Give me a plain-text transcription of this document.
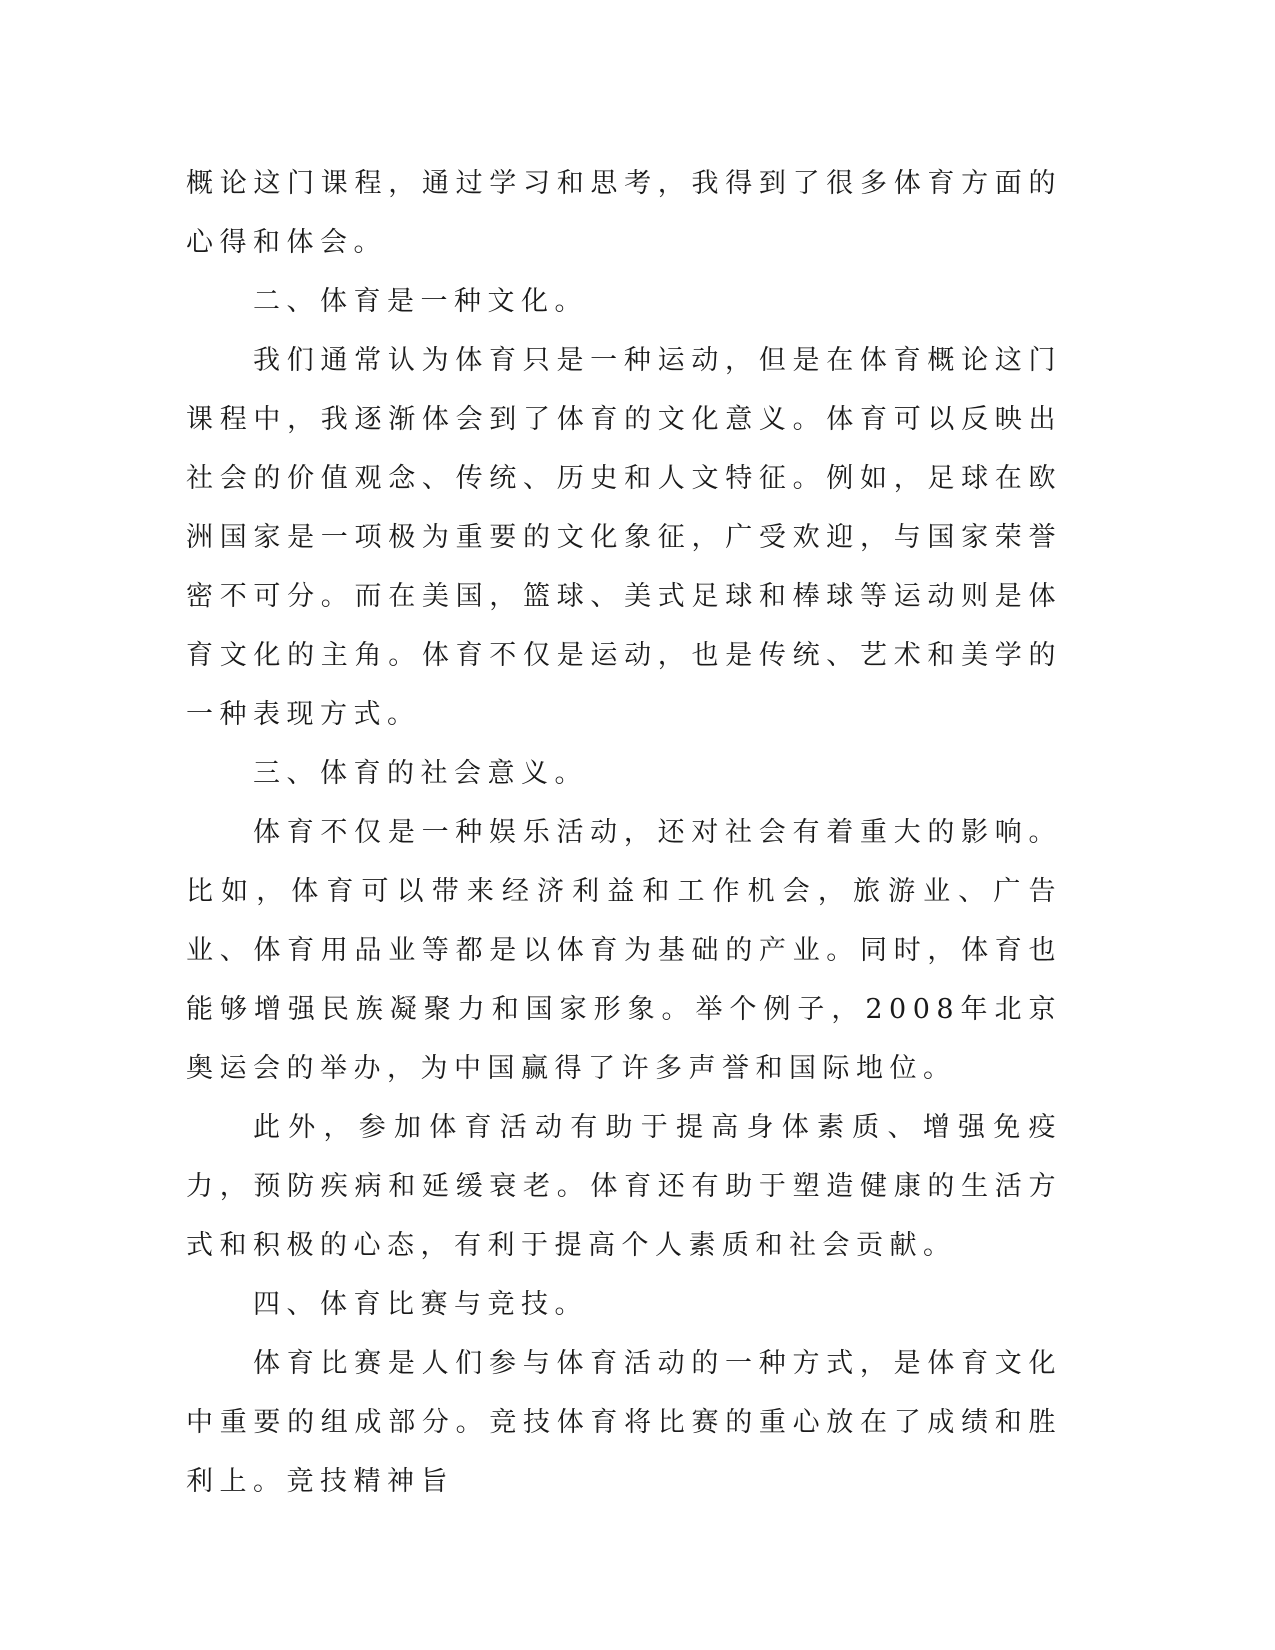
概论这门课程，通过学习和思考，我得到了很多体育方面的心得和体会。

二、体育是一种文化。

我们通常认为体育只是一种运动，但是在体育概论这门课程中，我逐渐体会到了体育的文化意义。体育可以反映出社会的价值观念、传统、历史和人文特征。例如，足球在欧洲国家是一项极为重要的文化象征，广受欢迎，与国家荣誉密不可分。而在美国，篮球、美式足球和棒球等运动则是体育文化的主角。体育不仅是运动，也是传统、艺术和美学的一种表现方式。

三、体育的社会意义。

体育不仅是一种娱乐活动，还对社会有着重大的影响。比如，体育可以带来经济利益和工作机会，旅游业、广告业、体育用品业等都是以体育为基础的产业。同时，体育也能够增强民族凝聚力和国家形象。举个例子，2008年北京奥运会的举办，为中国赢得了许多声誉和国际地位。

此外，参加体育活动有助于提高身体素质、增强免疫力，预防疾病和延缓衰老。体育还有助于塑造健康的生活方式和积极的心态，有利于提高个人素质和社会贡献。

四、体育比赛与竞技。

体育比赛是人们参与体育活动的一种方式，是体育文化中重要的组成部分。竞技体育将比赛的重心放在了成绩和胜利上。竞技精神旨
